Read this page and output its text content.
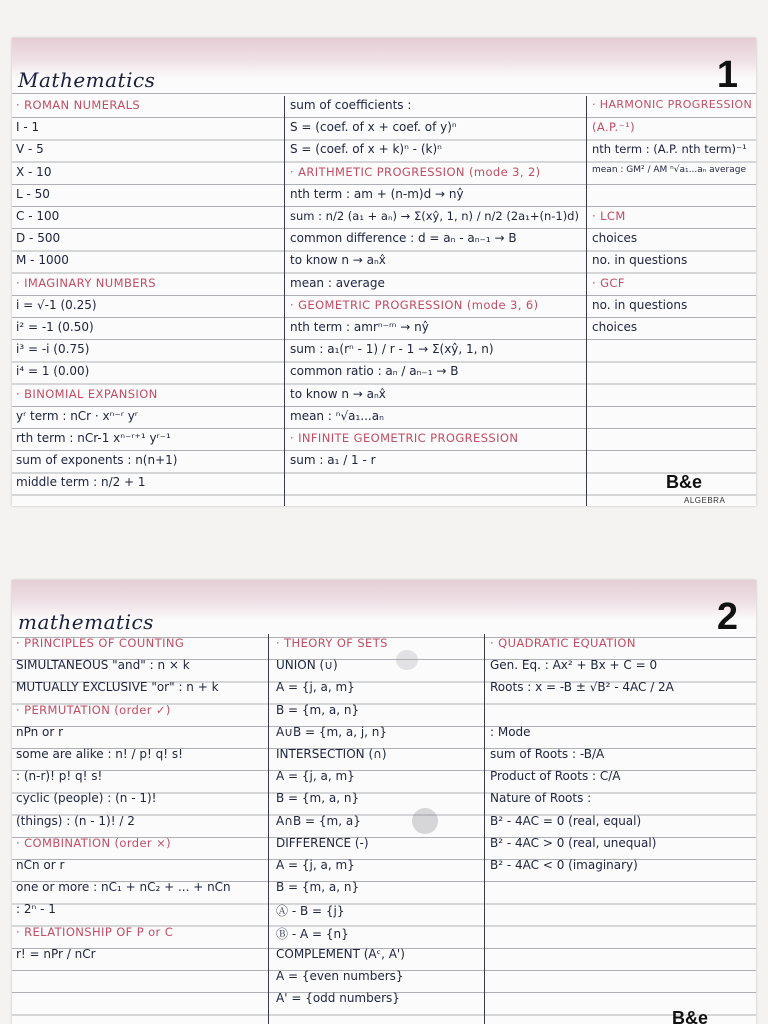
Mathematics	1
· ROMAN NUMERALS
I - 1
V - 5
X - 10
L - 50
C - 100
D - 500
M - 1000
· IMAGINARY NUMBERS
i = √-1 (0.25)
i² = -1 (0.50)
i³ = -i (0.75)
i⁴ = 1 (0.00)
· BINOMIAL EXPANSION
yʳ term : nCr · xⁿ⁻ʳ yʳ
rth term : nCr-1 xⁿ⁻ʳ⁺¹ yʳ⁻¹
sum of exponents : n(n+1)
middle term : n/2 + 1
sum of coefficients :
S = (coef. of x + coef. of y)ⁿ
S = (coef. of x + k)ⁿ - (k)ⁿ
· ARITHMETIC PROGRESSION (mode 3, 2)
nth term : am + (n-m)d → nŷ
sum : n/2 (a₁ + aₙ) → Σ(xŷ, 1, n) / n/2 (2a₁+(n-1)d)
common difference : d = aₙ - aₙ₋₁ → B
to know n → aₙx̂
mean : average
· GEOMETRIC PROGRESSION (mode 3, 6)
nth term : amrⁿ⁻ᵐ → nŷ
sum : a₁(rⁿ - 1) / r - 1 → Σ(xŷ, 1, n)
common ratio : aₙ / aₙ₋₁ → B
to know n → aₙx̂
mean : ⁿ√a₁...aₙ
· INFINITE GEOMETRIC PROGRESSION
sum : a₁ / 1 - r
· HARMONIC PROGRESSION
(A.P.⁻¹)
nth term : (A.P. nth term)⁻¹
mean : GM² / AM ⁿ√a₁...aₙ average
· LCM
choices
no. in questions
· GCF
no. in questions
choices
B&e
ALGEBRA
mathematics	2
· PRINCIPLES OF COUNTING
SIMULTANEOUS "and" : n × k
MUTUALLY EXCLUSIVE "or" : n + k
· PERMUTATION (order ✓)
nPn or r
some are alike : n! / p! q! s!
: (n-r)! p! q! s!
cyclic (people) : (n - 1)!
(things) : (n - 1)! / 2
· COMBINATION (order ×)
nCn or r
one or more : nC₁ + nC₂ + ... + nCn
: 2ⁿ - 1
· RELATIONSHIP OF P or C
r! = nPr / nCr
· THEORY OF SETS
UNION (∪)
A = {j, a, m}
B = {m, a, n}
A∪B = {m, a, j, n}
INTERSECTION (∩)
A = {j, a, m}
B = {m, a, n}
A∩B = {m, a}
DIFFERENCE (-)
A = {j, a, m}
B = {m, a, n}
Ⓐ - B = {j}
Ⓑ - A = {n}
COMPLEMENT (Aᶜ, A')
A = {even numbers}
A' = {odd numbers}
· QUADRATIC EQUATION
Gen. Eq. : Ax² + Bx + C = 0
Roots : x = -B ± √B² - 4AC / 2A
: Mode
sum of Roots : -B/A
Product of Roots : C/A
Nature of Roots :
B² - 4AC = 0 (real, equal)
B² - 4AC > 0 (real, unequal)
B² - 4AC < 0 (imaginary)
B&e
